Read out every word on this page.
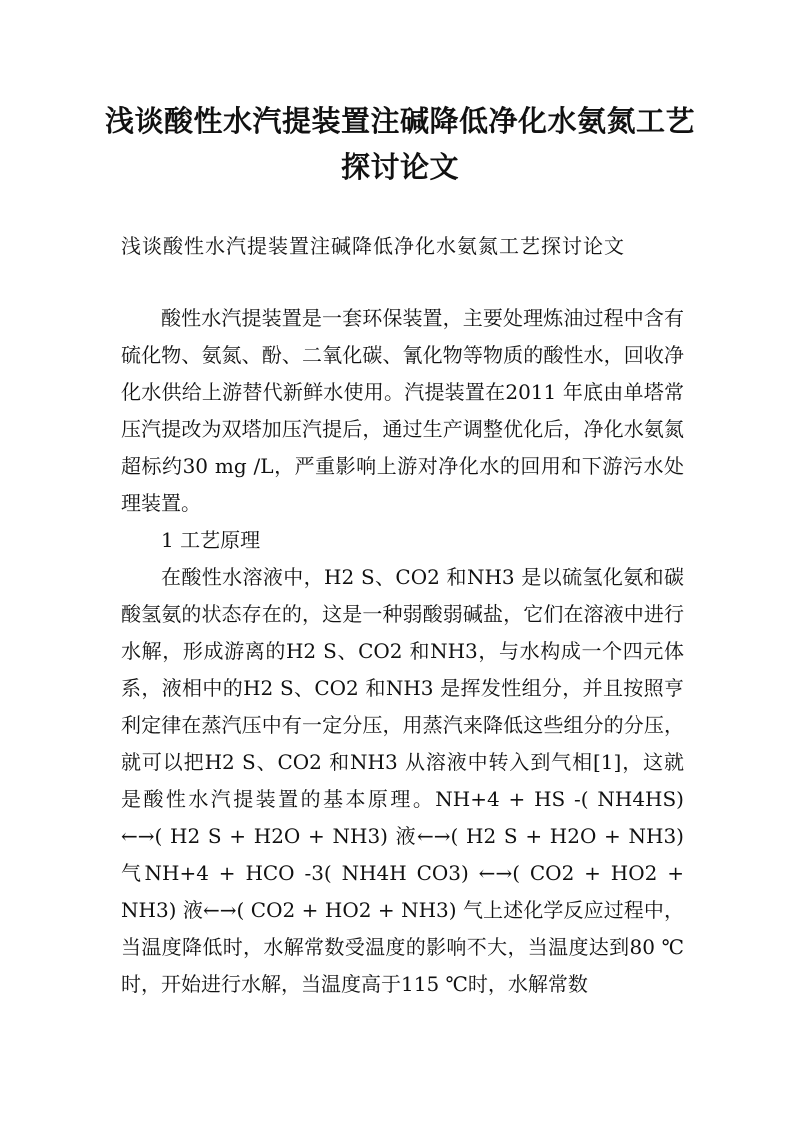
浅谈酸性水汽提装置注碱降低净化水氨氮工艺探讨论文
浅谈酸性水汽提装置注碱降低净化水氨氮工艺探讨论文

酸性水汽提装置是一套环保装置，主要处理炼油过程中含有硫化物、氨氮、酚、二氧化碳、氰化物等物质的酸性水，回收净化水供给上游替代新鲜水使用。汽提装置在2011 年底由单塔常压汽提改为双塔加压汽提后，通过生产调整优化后，净化水氨氮超标约30 mg /L，严重影响上游对净化水的回用和下游污水处理装置。

1 工艺原理

在酸性水溶液中，H2 S、CO2 和NH3 是以硫氢化氨和碳酸氢氨的状态存在的，这是一种弱酸弱碱盐，它们在溶液中进行水解，形成游离的H2 S、CO2 和NH3，与水构成一个四元体系，液相中的H2 S、CO2 和NH3 是挥发性组分，并且按照亨利定律在蒸汽压中有一定分压，用蒸汽来降低这些组分的分压，就可以把H2 S、CO2 和NH3 从溶液中转入到气相[1]，这就是酸性水汽提装置的基本原理。NH+4 + HS -( NH4HS) ←→( H2 S + H2O + NH3) 液←→( H2 S + H2O + NH3) 气NH+4 + HCO -3( NH4H CO3) ←→( CO2 + HO2 + NH3) 液←→( CO2 + HO2 + NH3) 气上述化学反应过程中，当温度降低时，水解常数受温度的影响不大，当温度达到80 ℃时，开始进行水解，当温度高于115 ℃时，水解常数
